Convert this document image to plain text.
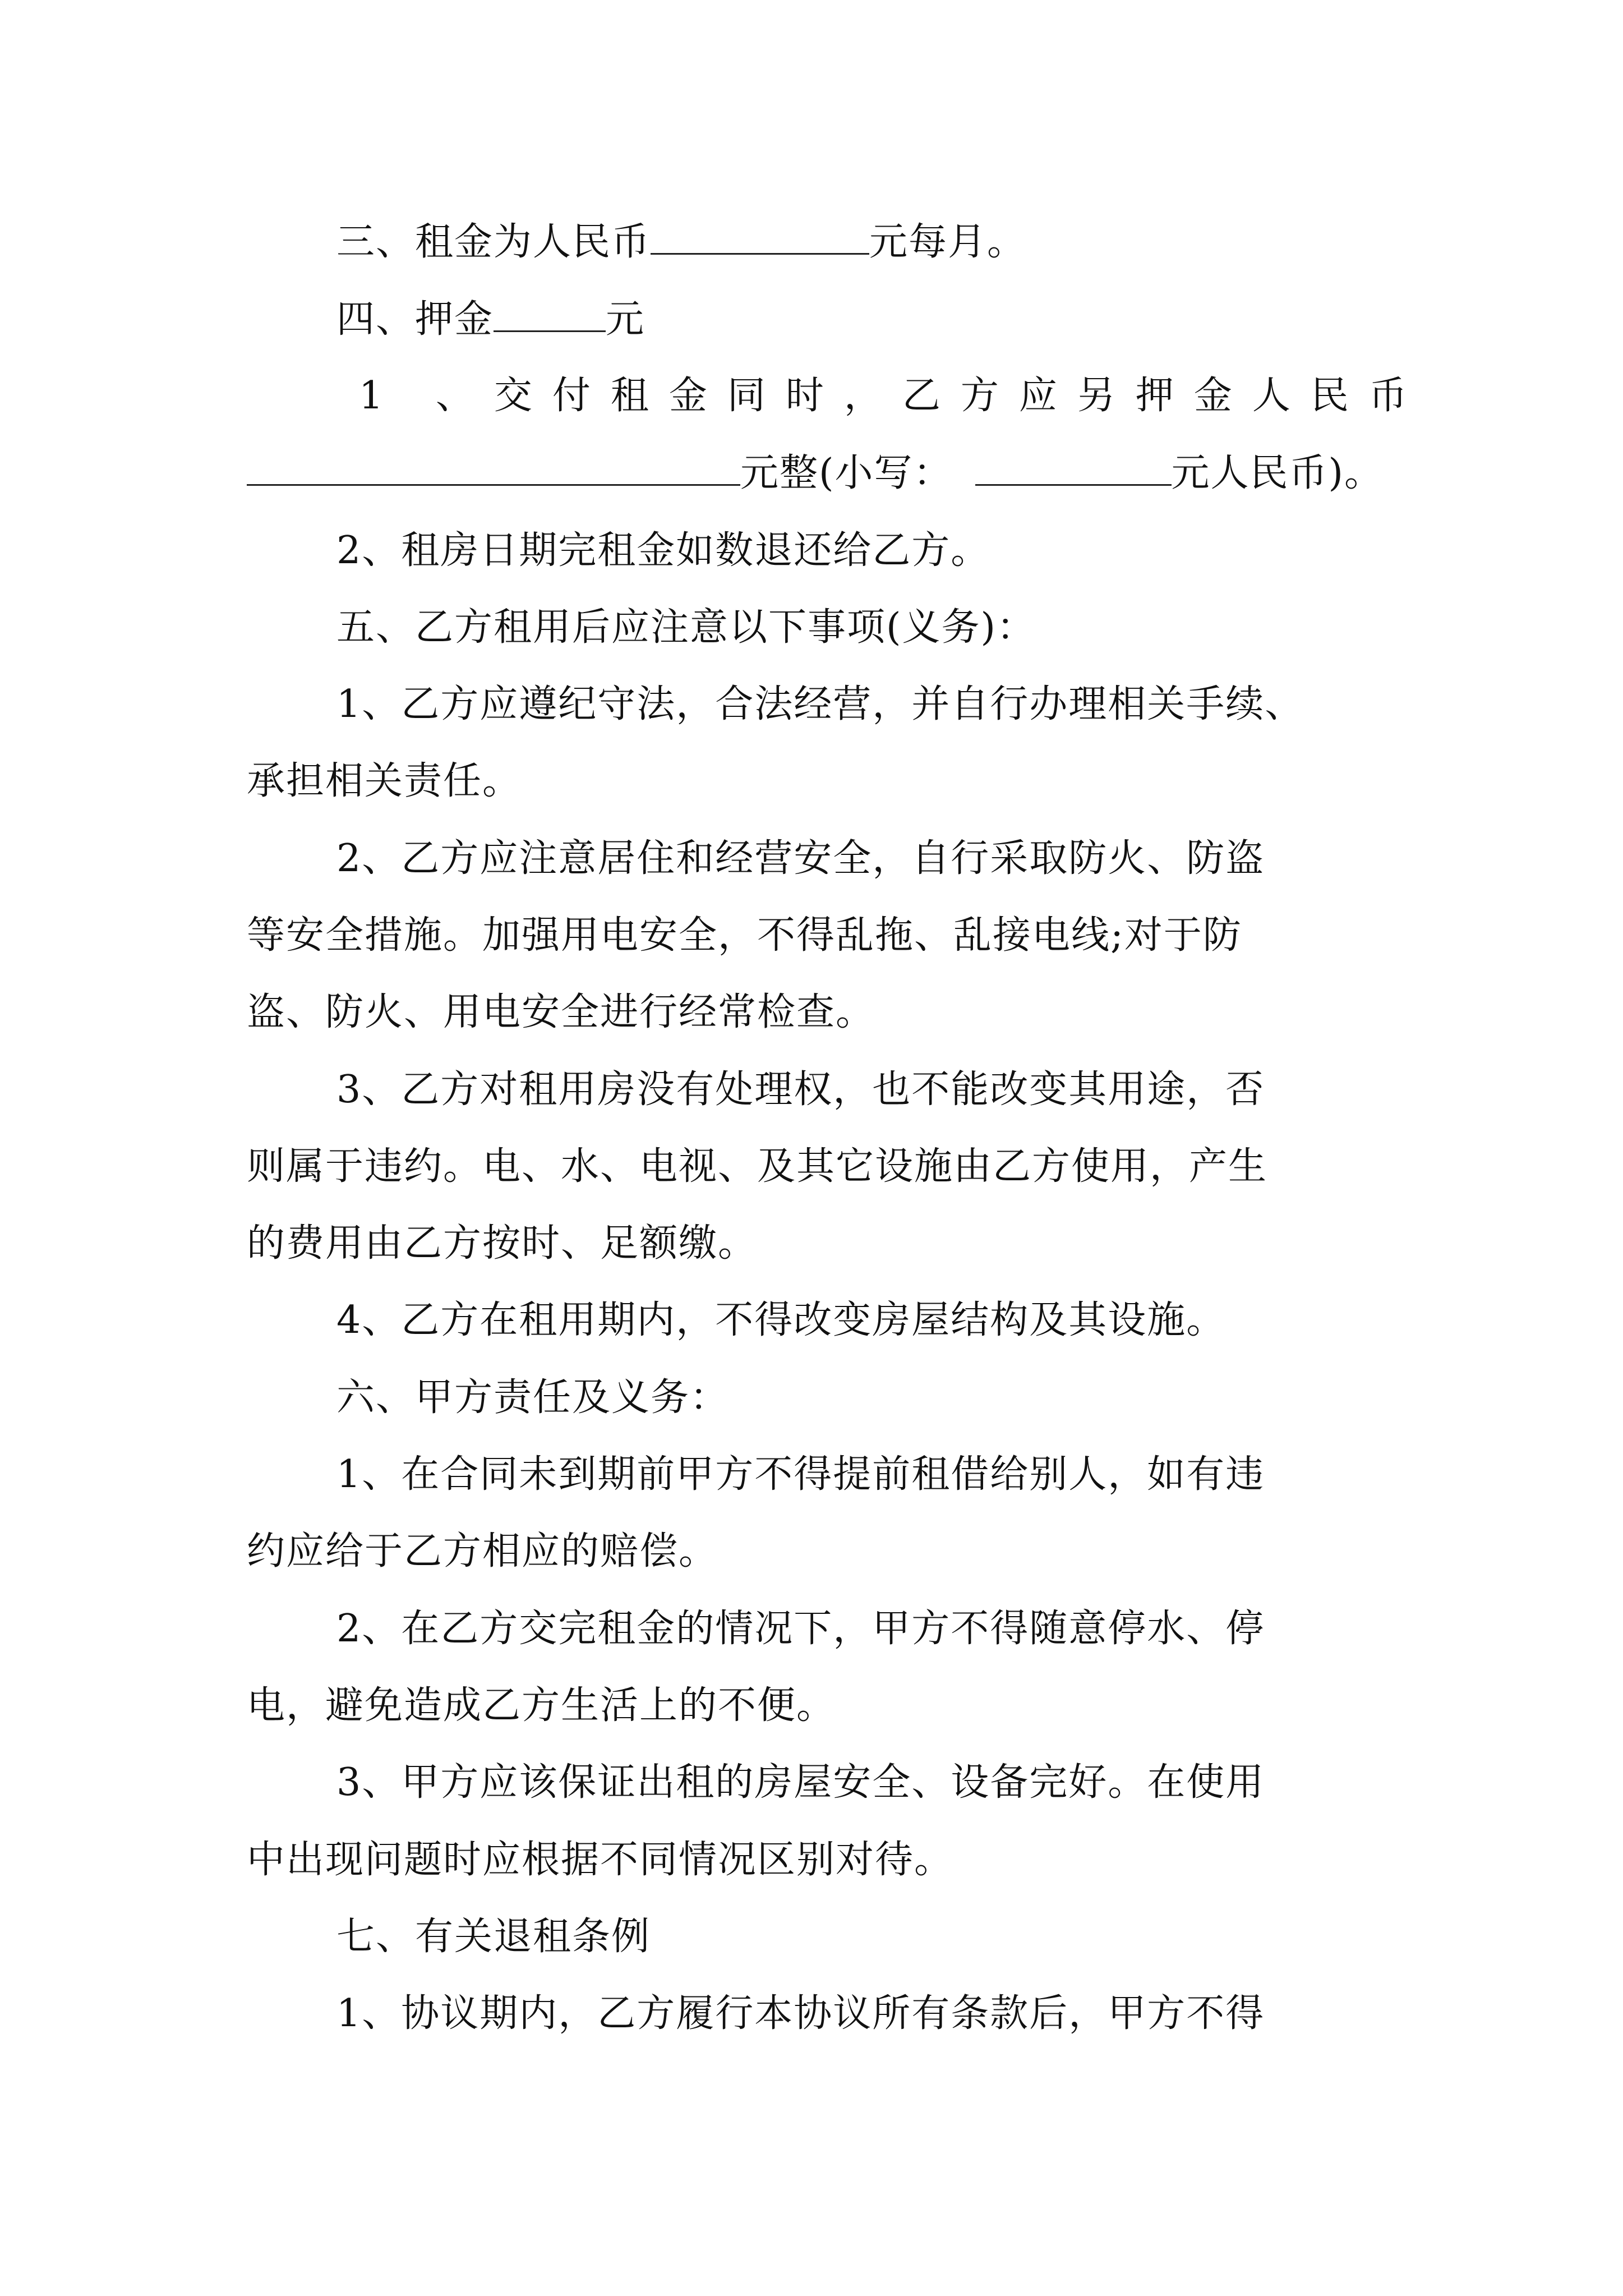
三、租金为人民币	元每月。
四、押金	元
1 、交付租金同时，乙方应另押金人民币
元整(小写：	元人民币)。
2、租房日期完租金如数退还给乙方。
五、乙方租用后应注意以下事项(义务)：
1、乙方应遵纪守法，合法经营，并自行办理相关手续、
承担相关责任。
2、乙方应注意居住和经营安全，自行采取防火、防盗
等安全措施。加强用电安全，不得乱拖、乱接电线;对于防
盗、防火、用电安全进行经常检查。
3、乙方对租用房没有处理权，也不能改变其用途，否
则属于违约。电、水、电视、及其它设施由乙方使用，产生
的费用由乙方按时、足额缴。
4、乙方在租用期内，不得改变房屋结构及其设施。
六、甲方责任及义务：
1、在合同未到期前甲方不得提前租借给别人，如有违
约应给于乙方相应的赔偿。
2、在乙方交完租金的情况下，甲方不得随意停水、停
电，避免造成乙方生活上的不便。
3、甲方应该保证出租的房屋安全、设备完好。在使用
中出现问题时应根据不同情况区别对待。
七、有关退租条例
1、协议期内，乙方履行本协议所有条款后，甲方不得
